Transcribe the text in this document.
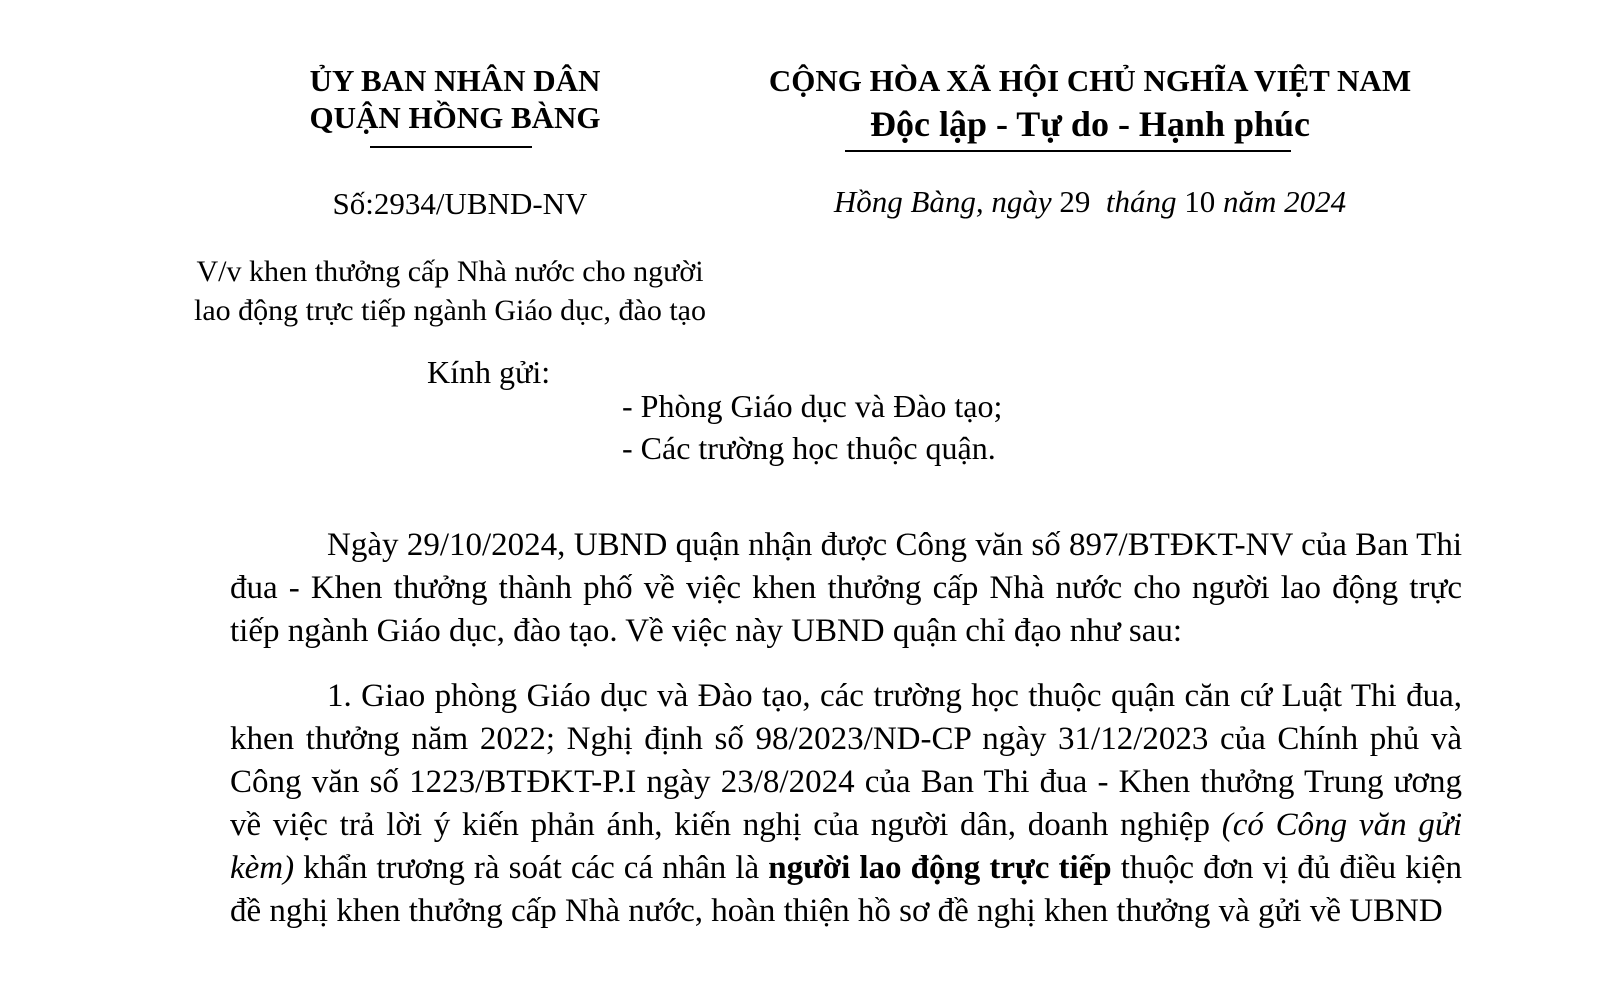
ỦY BAN NHÂN DÂN
QUẬN HỒNG BÀNG
CỘNG HÒA XÃ HỘI CHỦ NGHĨA VIỆT NAM
Độc lập - Tự do - Hạnh phúc
Số:2934/UBND-NV	Hồng Bàng, ngày 29 tháng 10 năm 2024
V/v khen thưởng cấp Nhà nước cho người
lao động trực tiếp ngành Giáo dục, đào tạo
Kính gửi:
- Phòng Giáo dục và Đào tạo;
- Các trường học thuộc quận.

Ngày 29/10/2024, UBND quận nhận được Công văn số 897/BTĐKT-NV của Ban Thi đua - Khen thưởng thành phố về việc khen thưởng cấp Nhà nước cho người lao động trực tiếp ngành Giáo dục, đào tạo. Về việc này UBND quận chỉ đạo như sau:

1. Giao phòng Giáo dục và Đào tạo, các trường học thuộc quận căn cứ Luật Thi đua, khen thưởng năm 2022; Nghị định số 98/2023/ND-CP ngày 31/12/2023 của Chính phủ và Công văn số 1223/BTĐKT-P.I ngày 23/8/2024 của Ban Thi đua - Khen thưởng Trung ương về việc trả lời ý kiến phản ánh, kiến nghị của người dân, doanh nghiệp (có Công văn gửi kèm) khẩn trương rà soát các cá nhân là người lao động trực tiếp thuộc đơn vị đủ điều kiện đề nghị khen thưởng cấp Nhà nước, hoàn thiện hồ sơ đề nghị khen thưởng và gửi về UBND
